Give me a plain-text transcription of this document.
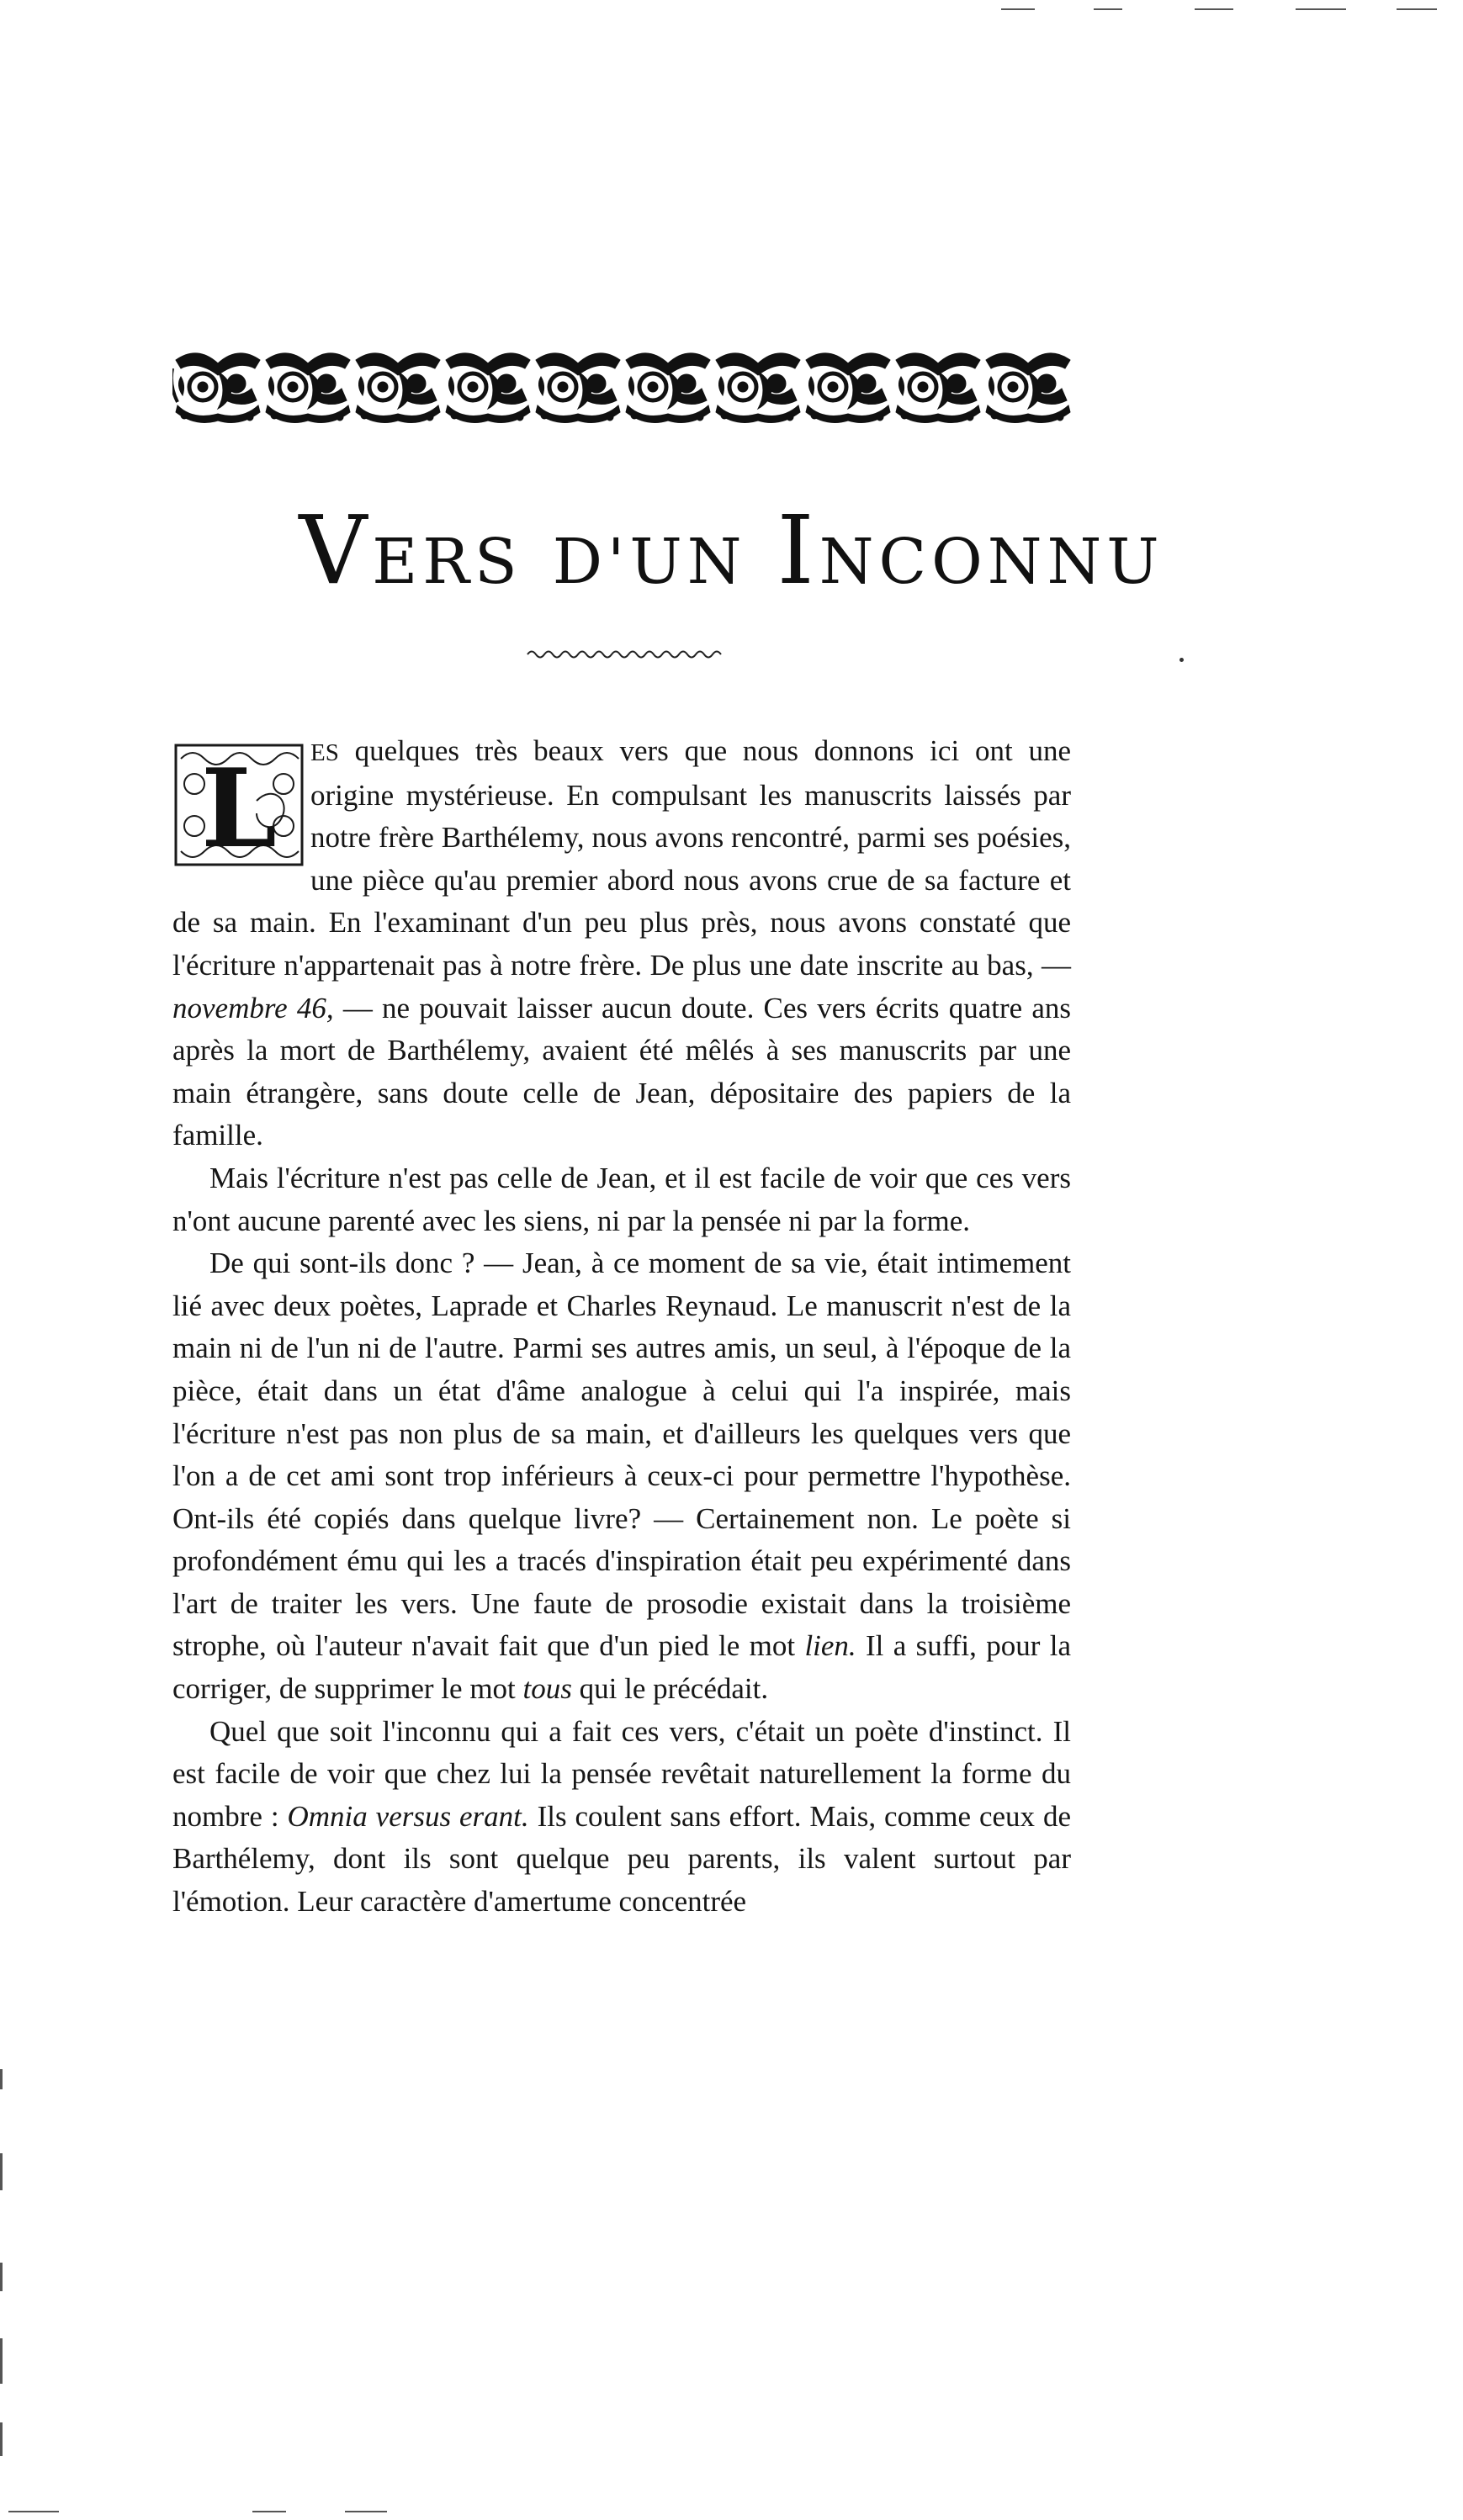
VERS D'UN INCONNU

L ES quelques très beaux vers que nous donnons ici ont une origine mystérieuse. En compulsant les manuscrits laissés par notre frère Barthélemy, nous avons rencontré, parmi ses poésies, une pièce qu'au premier abord nous avons crue de sa facture et de sa main. En l'examinant d'un peu plus près, nous avons constaté que l'écriture n'appartenait pas à notre frère. De plus une date inscrite au bas, — novembre 46, — ne pouvait laisser aucun doute. Ces vers écrits quatre ans après la mort de Barthélemy, avaient été mêlés à ses manuscrits par une main étrangère, sans doute celle de Jean, dépositaire des papiers de la famille.

Mais l'écriture n'est pas celle de Jean, et il est facile de voir que ces vers n'ont aucune parenté avec les siens, ni par la pensée ni par la forme.

De qui sont-ils donc ? — Jean, à ce moment de sa vie, était intimement lié avec deux poètes, Laprade et Charles Reynaud. Le manuscrit n'est de la main ni de l'un ni de l'autre. Parmi ses autres amis, un seul, à l'époque de la pièce, était dans un état d'âme analogue à celui qui l'a inspirée, mais l'écriture n'est pas non plus de sa main, et d'ailleurs les quelques vers que l'on a de cet ami sont trop inférieurs à ceux-ci pour permettre l'hypothèse. Ont-ils été copiés dans quelque livre? — Certainement non. Le poète si profondément ému qui les a tracés d'inspiration était peu expérimenté dans l'art de traiter les vers. Une faute de prosodie existait dans la troisième strophe, où l'auteur n'avait fait que d'un pied le mot lien. Il a suffi, pour la corriger, de supprimer le mot tous qui le précédait.

Quel que soit l'inconnu qui a fait ces vers, c'était un poète d'instinct. Il est facile de voir que chez lui la pensée revêtait naturellement la forme du nombre : Omnia versus erant. Ils coulent sans effort. Mais, comme ceux de Barthélemy, dont ils sont quelque peu parents, ils valent surtout par l'émotion. Leur caractère d'amertume concentrée
